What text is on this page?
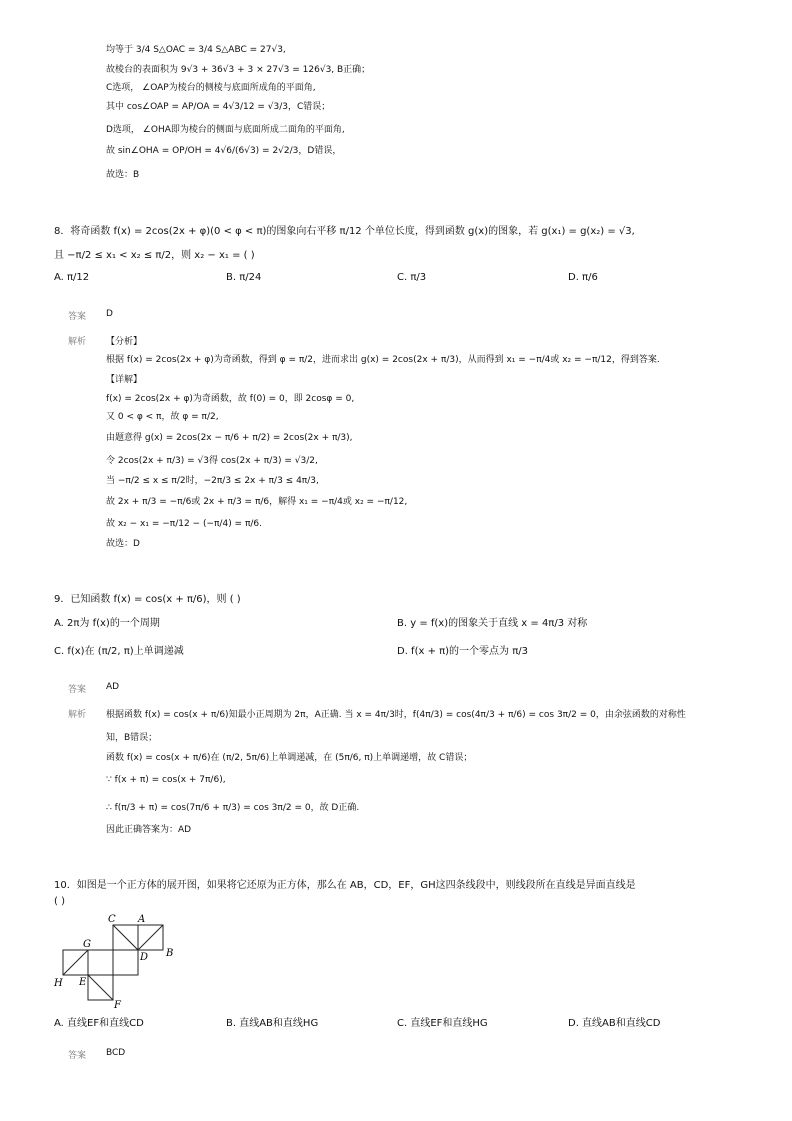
均等于 3/4 S△OAC = 3/4 S△ABC = 27√3,
故棱台的表面积为 9√3 + 36√3 + 3 × 27√3 = 126√3, B正确；
C选项， ∠OAP为棱台的侧棱与底面所成角的平面角,
其中 cos∠OAP = AP/OA = 4√3/12 = √3/3，C错误；
D选项， ∠OHA即为棱台的侧面与底面所成二面角的平面角,
故 sin∠OHA = OP/OH = 4√6/(6√3) = 2√2/3，D错误，
故选：B
8．将奇函数 f(x) = 2cos(2x + φ)(0 < φ < π)的图象向右平移 π/12 个单位长度，得到函数 g(x)的图象，若 g(x₁) = g(x₂) = √3,
且 −π/2 ≤ x₁ < x₂ ≤ π/2，则 x₂ − x₁ = ( )
A. π/12	B. π/24	C. π/3	D. π/6
答案 D
解析 【分析】
根据 f(x) = 2cos(2x + φ)为奇函数，得到 φ = π/2，进而求出 g(x) = 2cos(2x + π/3)，从而得到 x₁ = −π/4或 x₂ = −π/12，得到答案.
【详解】
f(x) = 2cos(2x + φ)为奇函数，故 f(0) = 0，即 2cosφ = 0,
又 0 < φ < π，故 φ = π/2,
由题意得 g(x) = 2cos(2x − π/6 + π/2) = 2cos(2x + π/3),
令 2cos(2x + π/3) = √3得 cos(2x + π/3) = √3/2,
当 −π/2 ≤ x ≤ π/2时，−2π/3 ≤ 2x + π/3 ≤ 4π/3,
故 2x + π/3 = −π/6或 2x + π/3 = π/6，解得 x₁ = −π/4或 x₂ = −π/12,
故 x₂ − x₁ = −π/12 − (−π/4) = π/6.
故选：D
9．已知函数 f(x) = cos(x + π/6)，则 ( )
A. 2π为 f(x)的一个周期	B. y = f(x)的图象关于直线 x = 4π/3 对称
C. f(x)在 (π/2, π)上单调递减	D. f(x + π)的一个零点为 π/3
答案 AD
解析 根据函数 f(x) = cos(x + π/6)知最小正周期为 2π，A正确. 当 x = 4π/3时，f(4π/3) = cos(4π/3 + π/6) = cos 3π/2 = 0，由余弦函数的对称性
知，B错误；
函数 f(x) = cos(x + π/6)在 (π/2, 5π/6)上单调递减，在 (5π/6, π)上单调递增，故 C错误；
∵ f(x + π) = cos(x + 7π/6),
∴ f(π/3 + π) = cos(7π/6 + π/3) = cos 3π/2 = 0，故 D正确.
因此正确答案为：AD
10．如图是一个正方体的展开图，如果将它还原为正方体，那么在 AB，CD，EF，GH这四条线段中，则线段所在直线是异面直线是
( )
C A
G
D B
H E
F
A. 直线EF和直线CD	B. 直线AB和直线HG	C. 直线EF和直线HG	D. 直线AB和直线CD
答案 BCD
